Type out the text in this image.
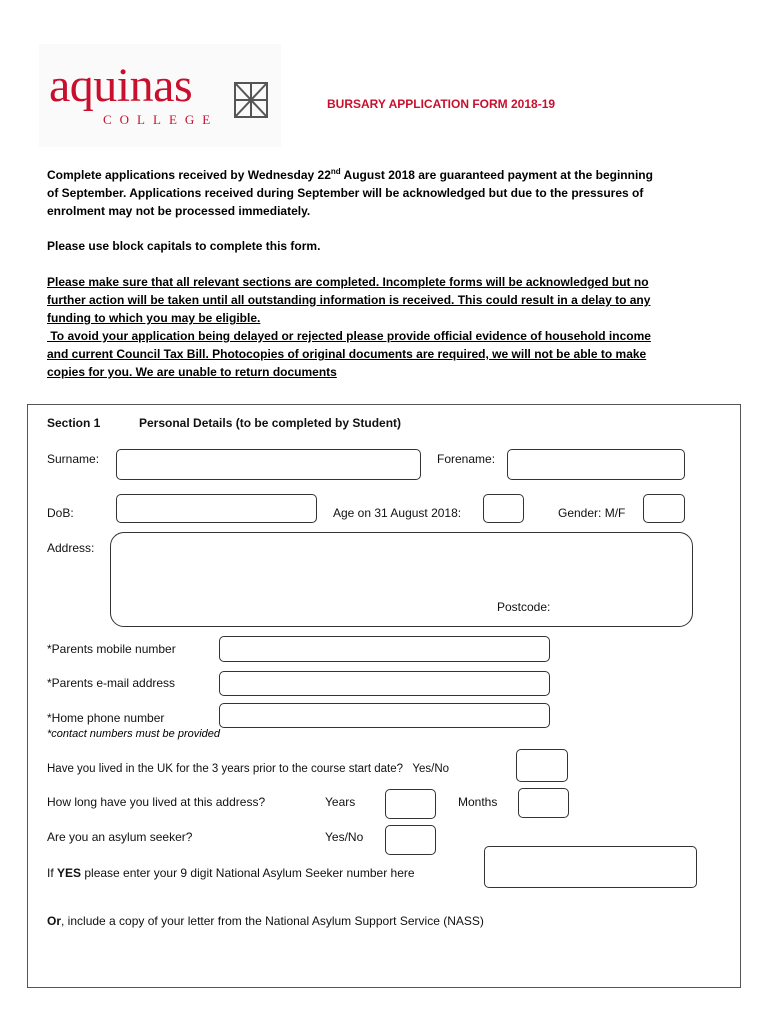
aquinas
COLLEGE
BURSARY APPLICATION FORM 2018-19
Complete applications received by Wednesday 22nd August 2018 are guaranteed payment at the beginning
of September. Applications received during September will be acknowledged but due to the pressures of
enrolment may not be processed immediately.
Please use block capitals to complete this form.
Please make sure that all relevant sections are completed. Incomplete forms will be acknowledged but no
further action will be taken until all outstanding information is received. This could result in a delay to any
funding to which you may be eligible.
To avoid your application being delayed or rejected please provide official evidence of household income
and current Council Tax Bill. Photocopies of original documents are required, we will not be able to make
copies for you. We are unable to return documents
Section 1	Personal Details (to be completed by Student)
Surname:	Forename:
DoB:	Age on 31 August 2018:	Gender: M/F
Address:
Postcode:
*Parents mobile number
*Parents e-mail address
*Home phone number
*contact numbers must be provided
Have you lived in the UK for the 3 years prior to the course start date?   Yes/No
How long have you lived at this address?	Years	Months
Are you an asylum seeker?	Yes/No
If YES please enter your 9 digit National Asylum Seeker number here
Or, include a copy of your letter from the National Asylum Support Service (NASS)
